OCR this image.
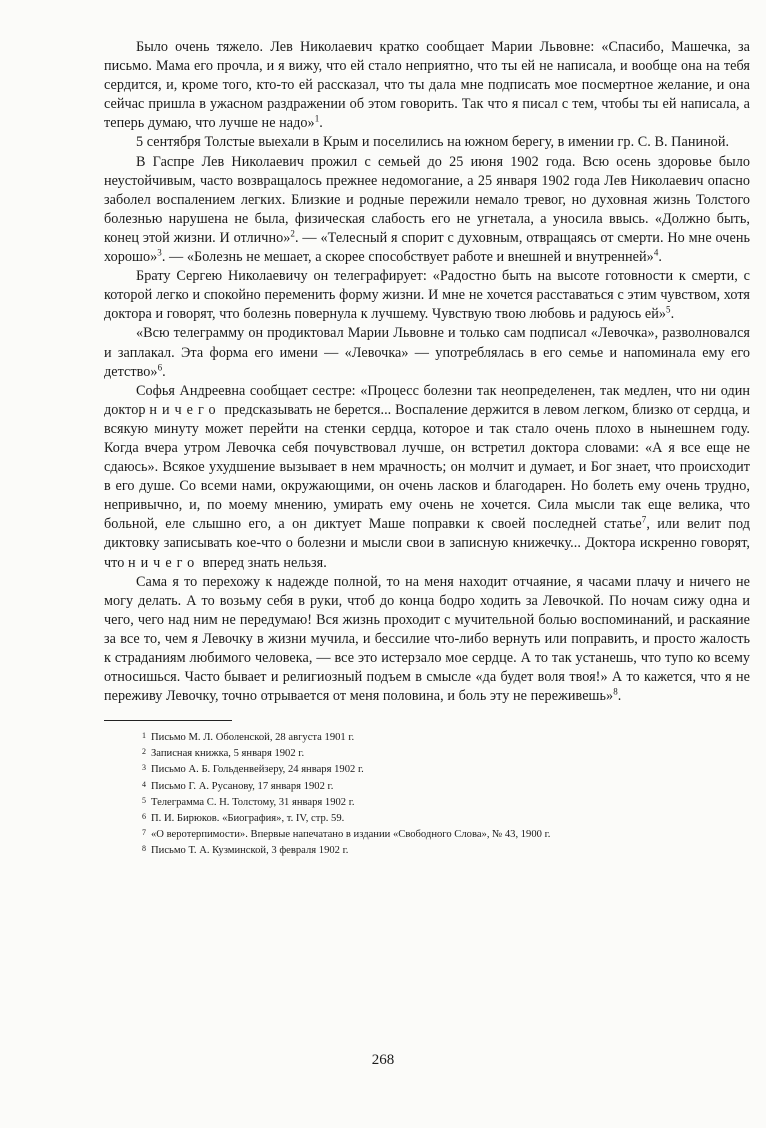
Было очень тяжело. Лев Николаевич кратко сообщает Марии Львовне: «Спасибо, Машечка, за письмо. Мама его прочла, и я вижу, что ей стало неприятно, что ты ей не написала, и вообще она на тебя сердится, и, кроме того, кто-то ей рассказал, что ты дала мне подписать мое посмертное желание, и она сейчас пришла в ужасном раздражении об этом говорить. Так что я писал с тем, чтобы ты ей написала, а теперь думаю, что лучше не надо»$^1$.

5 сентября Толстые выехали в Крым и поселились на южном берегу, в имении гр. С. В. Паниной.

В Гаспре Лев Николаевич прожил с семьей до 25 июня 1902 года. Всю осень здоровье было неустойчивым, часто возвращалось прежнее недомогание, а 25 января 1902 года Лев Николаевич опасно заболел воспалением легких. Близкие и родные пережили немало тревог, но духовная жизнь Толстого болезнью нарушена не была, физическая слабость его не угнетала, а уносила ввысь. «Должно быть, конец этой жизни. И отлично»$^2$. — «Телесный я спорит с духовным, отвращаясь от смерти. Но мне очень хорошо»$^3$. — «Болезнь не мешает, а скорее способствует работе и внешней и внутренней»$^4$.

Брату Сергею Николаевичу он телеграфирует: «Радостно быть на высоте готовности к смерти, с которой легко и спокойно переменить форму жизни. И мне не хочется расставаться с этим чувством, хотя доктора и говорят, что болезнь повернула к лучшему. Чувствую твою любовь и радуюсь ей»$^5$.

«Всю телеграмму он продиктовал Марии Львовне и только сам подписал «Левочка», разволновался и заплакал. Эта форма его имени — «Левочка» — употреблялась в его семье и напоминала ему его детство»$^6$.

Софья Андреевна сообщает сестре: «Процесс болезни так неопределенен, так медлен, что ни один доктор ничего предсказывать не берется... Воспаление держится в левом легком, близко от сердца, и всякую минуту может перейти на стенки сердца, которое и так стало очень плохо в нынешнем году. Когда вчера утром Левочка себя почувствовал лучше, он встретил доктора словами: «А я все еще не сдаюсь». Всякое ухудшение вызывает в нем мрачность; он молчит и думает, и Бог знает, что происходит в его душе. Со всеми нами, окружающими, он очень ласков и благодарен. Но болеть ему очень трудно, непривычно, и, по моему мнению, умирать ему очень не хочется. Сила мысли так еще велика, что больной, еле слышно его, а он диктует Маше поправки к своей последней статье$^7$, или велит под диктовку записывать кое-что о болезни и мысли свои в записную книжечку... Доктора искренно говорят, что ничего вперед знать нельзя.

Сама я то перехожу к надежде полной, то на меня находит отчаяние, я часами плачу и ничего не могу делать. А то возьму себя в руки, чтоб до конца бодро ходить за Левочкой. По ночам сижу одна и чего, чего над ним не передумаю! Вся жизнь проходит с мучительной болью воспоминаний, и раскаяние за все то, чем я Левочку в жизни мучила, и бессилие что-либо вернуть или поправить, и просто жалость к страданиям любимого человека, — все это истерзало мое сердце. А то так устанешь, что тупо ко всему относишься. Часто бывает и религиозный подъем в смысле «да будет воля твоя!» А то кажется, что я не переживу Левочку, точно отрывается от меня половина, и боль эту не переживешь»$^8$.

1 Письмо М. Л. Оболенской, 28 августа 1901 г.
2 Записная книжка, 5 января 1902 г.
3 Письмо А. Б. Гольденвейзеру, 24 января 1902 г.
4 Письмо Г. А. Русанову, 17 января 1902 г.
5 Телеграмма С. Н. Толстому, 31 января 1902 г.
6 П. И. Бирюков. «Биография», т. IV, стр. 59.
7 «О веротерпимости». Впервые напечатано в издании «Свободного Слова», № 43, 1900 г.
8 Письмо Т. А. Кузминской, 3 февраля 1902 г.
268
